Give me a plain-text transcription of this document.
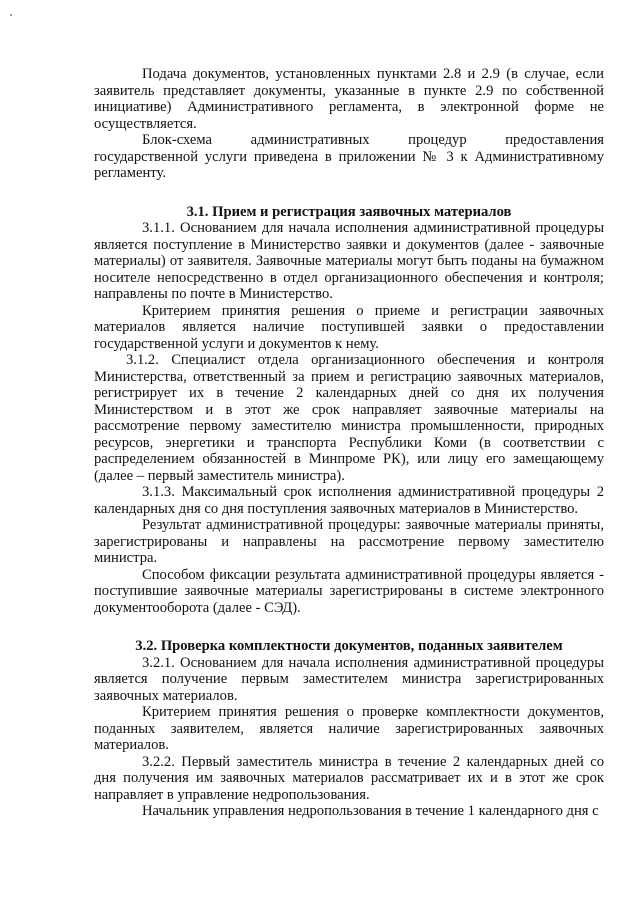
Подача документов, установленных пунктами 2.8 и 2.9 (в случае, если заявитель представляет документы, указанные в пункте 2.9 по собственной инициативе) Административного регламента, в электронной форме не осуществляется.

Блок-схема административных процедур предоставления государственной услуги приведена в приложении № 3 к Административному регламенту.

3.1. Прием и регистрация заявочных материалов

3.1.1. Основанием для начала исполнения административной процедуры является поступление в Министерство заявки и документов (далее - заявочные материалы) от заявителя. Заявочные материалы могут быть поданы на бумажном носителе непосредственно в отдел организационного обеспечения и контроля; направлены по почте в Министерство.

Критерием принятия решения о приеме и регистрации заявочных материалов является наличие поступившей заявки о предоставлении государственной услуги и документов к нему.

3.1.2. Специалист отдела организационного обеспечения и контроля Министерства, ответственный за прием и регистрацию заявочных материалов, регистрирует их в течение 2 календарных дней со дня их получения Министерством и в этот же срок направляет заявочные материалы на рассмотрение первому заместителю министра промышленности, природных ресурсов, энергетики и транспорта Республики Коми (в соответствии с распределением обязанностей в Минпроме РК), или лицу его замещающему (далее – первый заместитель министра).

3.1.3. Максимальный срок исполнения административной процедуры 2 календарных дня со дня поступления заявочных материалов в Министерство.

Результат административной процедуры: заявочные материалы приняты, зарегистрированы и направлены на рассмотрение первому заместителю министра.

Способом фиксации результата административной процедуры является - поступившие заявочные материалы зарегистрированы в системе электронного документооборота (далее - СЭД).

3.2. Проверка комплектности документов, поданных заявителем

3.2.1. Основанием для начала исполнения административной процедуры является получение первым заместителем министра зарегистрированных заявочных материалов.

Критерием принятия решения о проверке комплектности документов, поданных заявителем, является наличие зарегистрированных заявочных материалов.

3.2.2. Первый заместитель министра в течение 2 календарных дней со дня получения им заявочных материалов рассматривает их и в этот же срок направляет в управление недропользования.

Начальник управления недропользования в течение 1 календарного дня с
